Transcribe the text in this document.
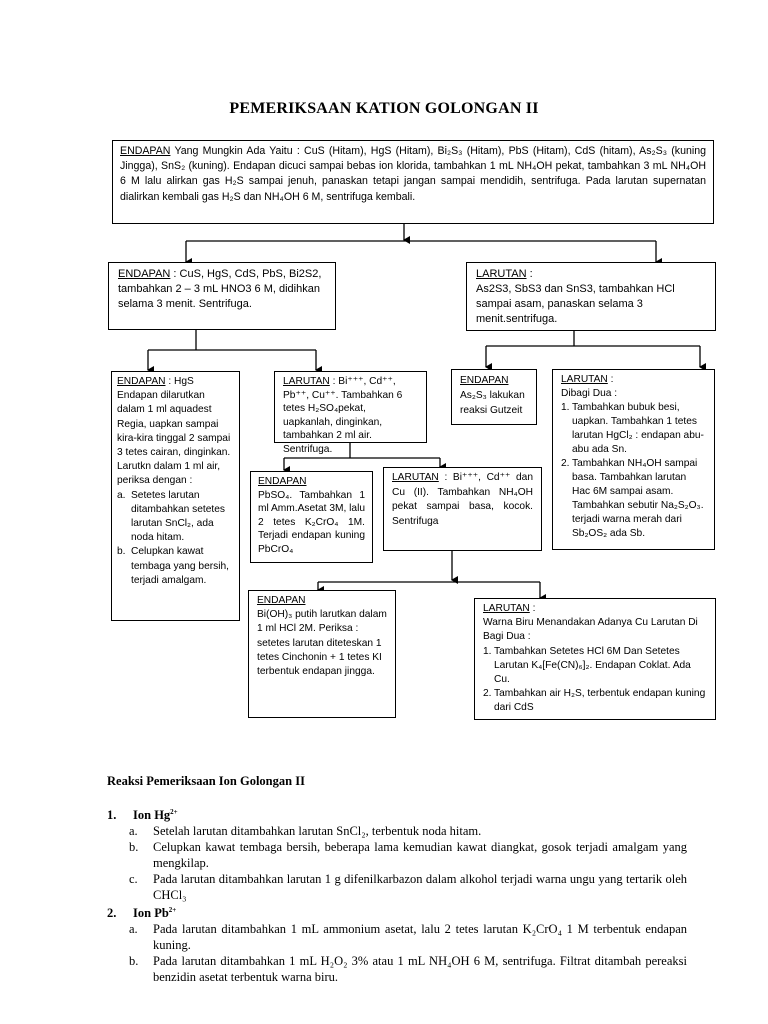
PEMERIKSAAN KATION GOLONGAN II
ENDAPAN Yang Mungkin Ada Yaitu : CuS (Hitam), HgS (Hitam), Bi₂S₃ (Hitam), PbS (Hitam), CdS (hitam), As₂S₃ (kuning Jingga), SnS₂ (kuning). Endapan dicuci sampai bebas ion klorida, tambahkan 1 mL NH₄OH pekat, tambahkan 3 mL NH₄OH 6 M lalu alirkan gas H₂S sampai jenuh, panaskan tetapi jangan sampai mendidih, sentrifuga. Pada larutan supernatan dialirkan kembali gas H₂S dan NH₄OH 6 M, sentrifuga kembali.
ENDAPAN : CuS, HgS, CdS, PbS, Bi2S2, tambahkan 2 – 3 mL HNO3 6 M, didihkan selama 3 menit. Sentrifuga.
LARUTAN :
As2S3, SbS3 dan SnS3, tambahkan HCl sampai asam, panaskan selama 3 menit.sentrifuga.
ENDAPAN : HgS
Endapan dilarutkan dalam 1 ml aquadest Regia, uapkan sampai kira-kira tinggal 2 sampai 3 tetes cairan, dinginkan. Larutkn dalam 1 ml air, periksa dengan :
a. Setetes larutan ditambahkan setetes larutan SnCl₂, ada noda hitam.
b. Celupkan kawat tembaga yang bersih, terjadi amalgam.
LARUTAN : Bi⁺⁺⁺, Cd⁺⁺, Pb⁺⁺, Cu⁺⁺. Tambahkan 6 tetes H₂SO₄pekat, uapkanlah, dinginkan, tambahkan 2 ml air. Sentrifuga.
ENDAPAN
As₂S₃ lakukan reaksi Gutzeit
LARUTAN :
Dibagi Dua :
1. Tambahkan bubuk besi, uapkan. Tambahkan 1 tetes larutan HgCl₂ : endapan abu-abu ada Sn.
2. Tambahkan NH₄OH sampai basa. Tambahkan larutan Hac 6M sampai asam. Tambahkan sebutir Na₂S₂O₃. terjadi warna merah dari Sb₂OS₂ ada Sb.
ENDAPAN
PbSO₄. Tambahkan 1 ml Amm.Asetat 3M, lalu 2 tetes K₂CrO₄ 1M. Terjadi endapan kuning PbCrO₄
LARUTAN : Bi⁺⁺⁺, Cd⁺⁺ dan Cu (II). Tambahkan NH₄OH pekat sampai basa, kocok. Sentrifuga
ENDAPAN
Bi(OH)₃ putih larutkan dalam 1 ml HCl 2M. Periksa : setetes larutan diteteskan 1 tetes Cinchonin + 1 tetes KI terbentuk endapan jingga.
LARUTAN :
Warna Biru Menandakan Adanya Cu Larutan Di Bagi Dua :
1. Tambahkan Setetes HCl 6M Dan Setetes Larutan K₄[Fe(CN)₆]₂. Endapan Coklat. Ada Cu.
2. Tambahkan air H₂S, terbentuk endapan kuning dari CdS
Reaksi Pemeriksaan Ion Golongan II
1.	Ion $Hg^{2+}$
a.	Setelah larutan ditambahkan larutan SnCl₂, terbentuk noda hitam.
b.	Celupkan kawat tembaga bersih, beberapa lama kemudian kawat diangkat, gosok terjadi amalgam yang mengkilap.
c.	Pada larutan ditambahkan larutan 1 g difenilkarbazon dalam alkohol terjadi warna ungu yang tertarik oleh CHCl₃
2.	Ion $Pb^{2+}$
a.	Pada larutan ditambahkan 1 mL ammonium asetat, lalu 2 tetes larutan K₂CrO₄ 1 M terbentuk endapan kuning.
b.	Pada larutan ditambahkan 1 mL H₂O₂ 3% atau 1 mL NH₄OH 6 M, sentrifuga. Filtrat ditambah pereaksi benzidin asetat terbentuk warna biru.
